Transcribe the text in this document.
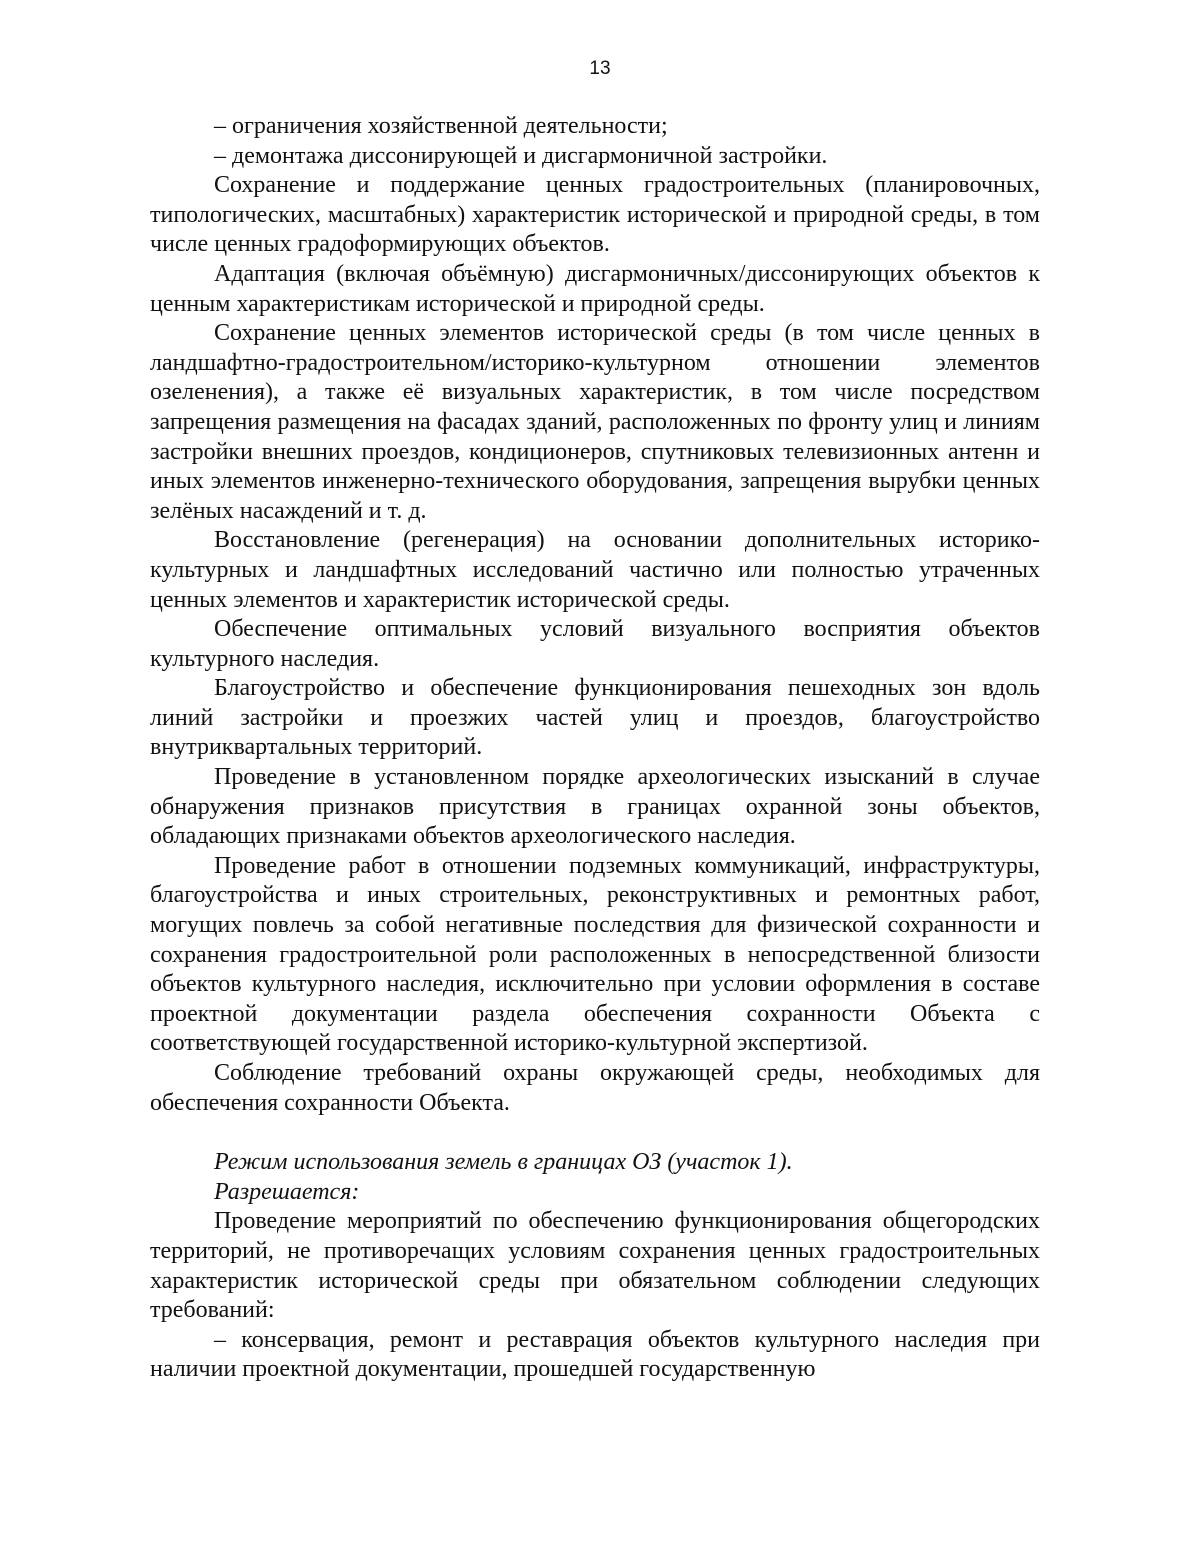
13

– ограничения хозяйственной деятельности;

– демонтажа диссонирующей и дисгармоничной застройки.

Сохранение и поддержание ценных градостроительных (планировочных, типологических, масштабных) характеристик исторической и природной среды, в том числе ценных градоформирующих объектов.

Адаптация (включая объёмную) дисгармоничных/диссонирующих объектов к ценным характеристикам исторической и природной среды.

Сохранение ценных элементов исторической среды (в том числе ценных в ландшафтно-градостроительном/историко-культурном отношении элементов озеленения), а также её визуальных характеристик, в том числе посредством запрещения размещения на фасадах зданий, расположенных по фронту улиц и линиям застройки внешних проездов, кондиционеров, спутниковых телевизионных антенн и иных элементов инженерно-технического оборудования, запрещения вырубки ценных зелёных насаждений и т. д.

Восстановление (регенерация) на основании дополнительных историко-культурных и ландшафтных исследований частично или полностью утраченных ценных элементов и характеристик исторической среды.

Обеспечение оптимальных условий визуального восприятия объектов культурного наследия.

Благоустройство и обеспечение функционирования пешеходных зон вдоль линий застройки и проезжих частей улиц и проездов, благоустройство внутриквартальных территорий.

Проведение в установленном порядке археологических изысканий в случае обнаружения признаков присутствия в границах охранной зоны объектов, обладающих признаками объектов археологического наследия.

Проведение работ в отношении подземных коммуникаций, инфраструктуры, благоустройства и иных строительных, реконструктивных и ремонтных работ, могущих повлечь за собой негативные последствия для физической сохранности и сохранения градостроительной роли расположенных в непосредственной близости объектов культурного наследия, исключительно при условии оформления в составе проектной документации раздела обеспечения сохранности Объекта с соответствующей государственной историко-культурной экспертизой.

Соблюдение требований охраны окружающей среды, необходимых для обеспечения сохранности Объекта.

Режим использования земель в границах ОЗ (участок 1).

Разрешается:

Проведение мероприятий по обеспечению функционирования общегородских территорий, не противоречащих условиям сохранения ценных градостроительных характеристик исторической среды при обязательном соблюдении следующих требований:

– консервация, ремонт и реставрация объектов культурного наследия при наличии проектной документации, прошедшей государственную
